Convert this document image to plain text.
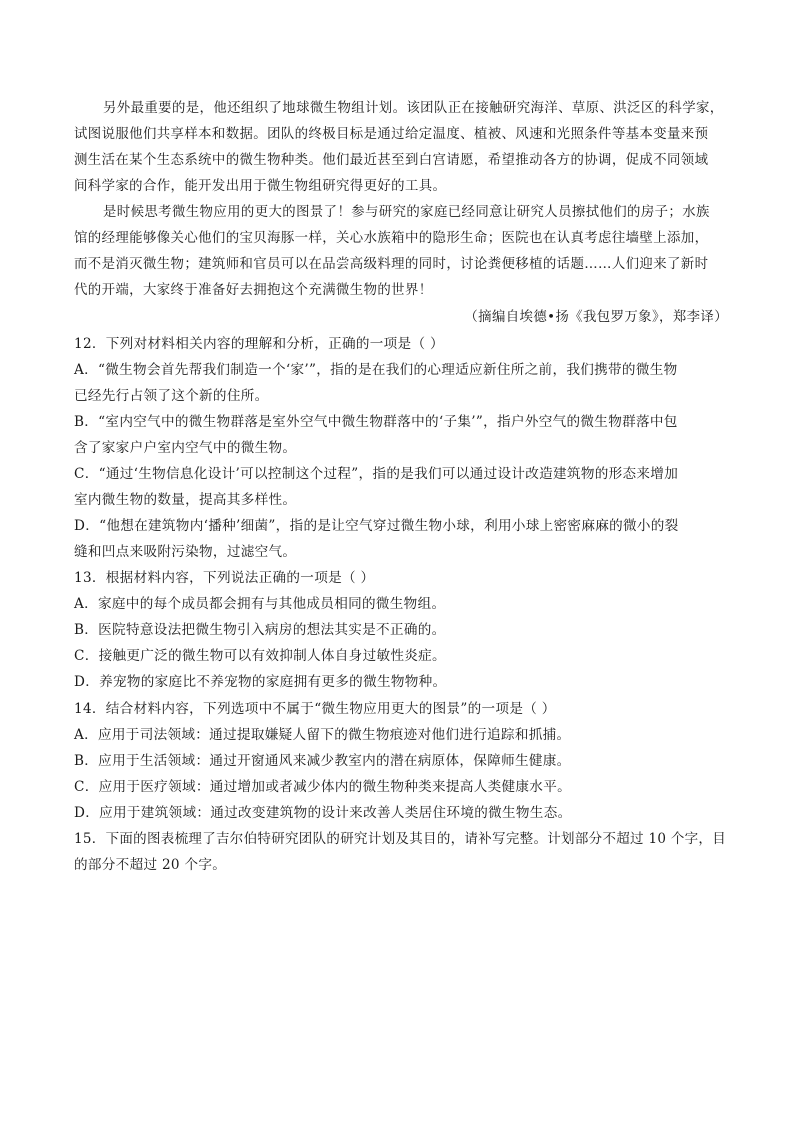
另外最重要的是，他还组织了地球微生物组计划。该团队正在接触研究海洋、草原、洪泛区的科学家，
试图说服他们共享样本和数据。团队的终极目标是通过给定温度、植被、风速和光照条件等基本变量来预
测生活在某个生态系统中的微生物种类。他们最近甚至到白宫请愿，希望推动各方的协调，促成不同领域
间科学家的合作，能开发出用于微生物组研究得更好的工具。
是时候思考微生物应用的更大的图景了！参与研究的家庭已经同意让研究人员擦拭他们的房子；水族
馆的经理能够像关心他们的宝贝海豚一样，关心水族箱中的隐形生命；医院也在认真考虑往墙壁上添加，
而不是消灭微生物；建筑师和官员可以在品尝高级料理的同时，讨论粪便移植的话题……人们迎来了新时
代的开端，大家终于准备好去拥抱这个充满微生物的世界！
（摘编自埃德•扬《我包罗万象》，郑李译）
12．下列对材料相关内容的理解和分析，正确的一项是（ ）
A．“微生物会首先帮我们制造一个‘家’”，指的是在我们的心理适应新住所之前，我们携带的微生物
已经先行占领了这个新的住所。
B．“室内空气中的微生物群落是室外空气中微生物群落中的‘子集’”，指户外空气的微生物群落中包
含了家家户户室内空气中的微生物。
C．“通过‘生物信息化设计’可以控制这个过程”，指的是我们可以通过设计改造建筑物的形态来增加
室内微生物的数量，提高其多样性。
D．“他想在建筑物内‘播种’细菌”，指的是让空气穿过微生物小球，利用小球上密密麻麻的微小的裂
缝和凹点来吸附污染物，过滤空气。
13．根据材料内容，下列说法正确的一项是（ ）
A．家庭中的每个成员都会拥有与其他成员相同的微生物组。
B．医院特意设法把微生物引入病房的想法其实是不正确的。
C．接触更广泛的微生物可以有效抑制人体自身过敏性炎症。
D．养宠物的家庭比不养宠物的家庭拥有更多的微生物物种。
14．结合材料内容，下列选项中不属于“微生物应用更大的图景”的一项是（ ）
A．应用于司法领域：通过提取嫌疑人留下的微生物痕迹对他们进行追踪和抓捕。
B．应用于生活领域：通过开窗通风来减少教室内的潜在病原体，保障师生健康。
C．应用于医疗领域：通过增加或者减少体内的微生物种类来提高人类健康水平。
D．应用于建筑领域：通过改变建筑物的设计来改善人类居住环境的微生物生态。
15．下面的图表梳理了吉尔伯特研究团队的研究计划及其目的，请补写完整。计划部分不超过 10 个字，目
的部分不超过 20 个字。
